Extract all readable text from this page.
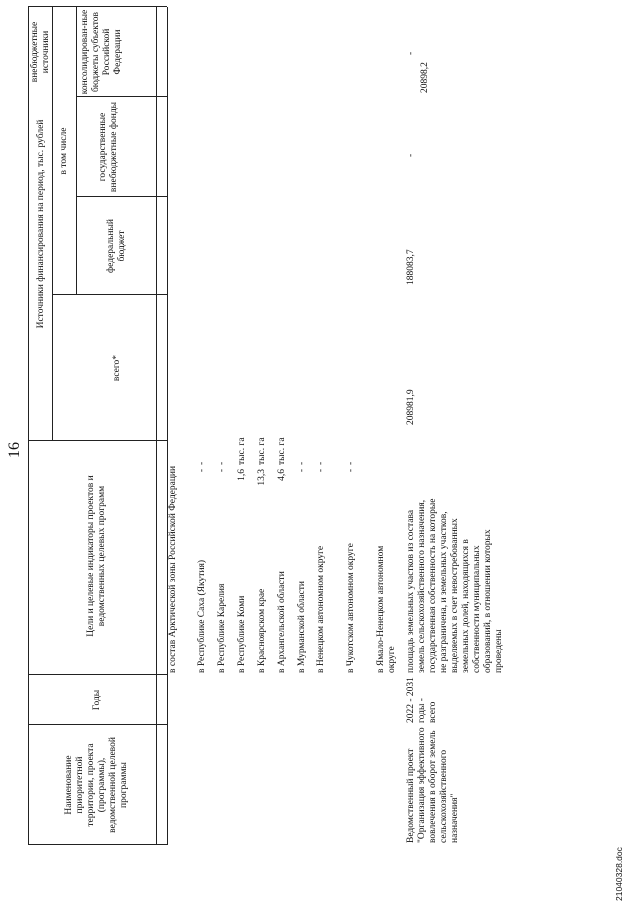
16
Наименование приоритетной территории, проекта (программы), ведомственной целевой программы
Годы
Цели и целевые индикаторы проектов и ведомственных целевых программ
Источники финансирования на период, тыс. рублей
всего*
в том числе
федеральный бюджет
государственные внебюджетные фонды
консолидирован-ные бюджеты субъектов Российской Федерации
в состав Арктической зоны Российской Федерации в Республике Саха (Якутия)
-
-
в Республике Карелия
-
-
в Республике Коми
1,6
тыс. га
в Красноярском крае
13,3
тыс. га
в Архангельской области
4,6
тыс. га
в Мурманской области
-
-
в Ненецком автономном округе
-
-
в Чукотском автономном округе
-
-
в Ямало-Ненецком автономном округе
Ведомственный проект "Организация эффективного вовлечения в оборот земель сельскохозяйственного назначения"
2022 - 2031 годы - всего
площадь земельных участков из состава земель сельскохозяйственного назначения, государственная собственность на которые не разграничена, и земельных участков, выделяемых в счет невостребованных земельных долей, находящихся в собственности муниципальных образований, в отношении которых проведены
208981,9
188083,7
-
20898,2
-
21040328.doc
внебюджетные источники
